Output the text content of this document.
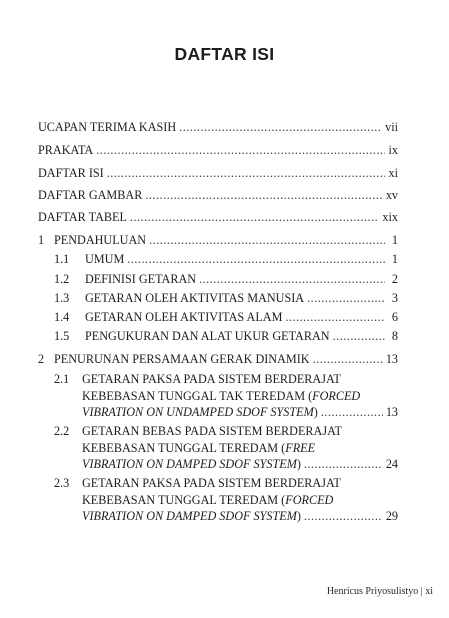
DAFTAR ISI
UCAPAN TERIMA KASIH .....	vii
PRAKATA .....	ix
DAFTAR ISI .....	xi
DAFTAR GAMBAR .....	xv
DAFTAR TABEL .....	xix
1 PENDAHULUAN .....	1
1.1	UMUM .....	1
1.2	DEFINISI GETARAN .....	2
1.3	GETARAN OLEH AKTIVITAS MANUSIA .....	3
1.4	GETARAN OLEH AKTIVITAS ALAM .....	6
1.5	PENGUKURAN DAN ALAT UKUR GETARAN .....	8
2 PENURUNAN PERSAMAAN GERAK DINAMIK .....	13
2.1 GETARAN PAKSA PADA SISTEM BERDERAJAT
KEBEBASAN TUNGGAL TAK TEREDAM (FORCED
VIBRATION ON UNDAMPED SDOF SYSTEM) .....	13
2.2 GETARAN BEBAS PADA SISTEM BERDERAJAT
KEBEBASAN TUNGGAL TEREDAM (FREE
VIBRATION ON DAMPED SDOF SYSTEM) .....	24
2.3 GETARAN PAKSA PADA SISTEM BERDERAJAT
KEBEBASAN TUNGGAL TEREDAM (FORCED
VIBRATION ON DAMPED SDOF SYSTEM) .....	29
Henricus Priyosulistyo | xi
